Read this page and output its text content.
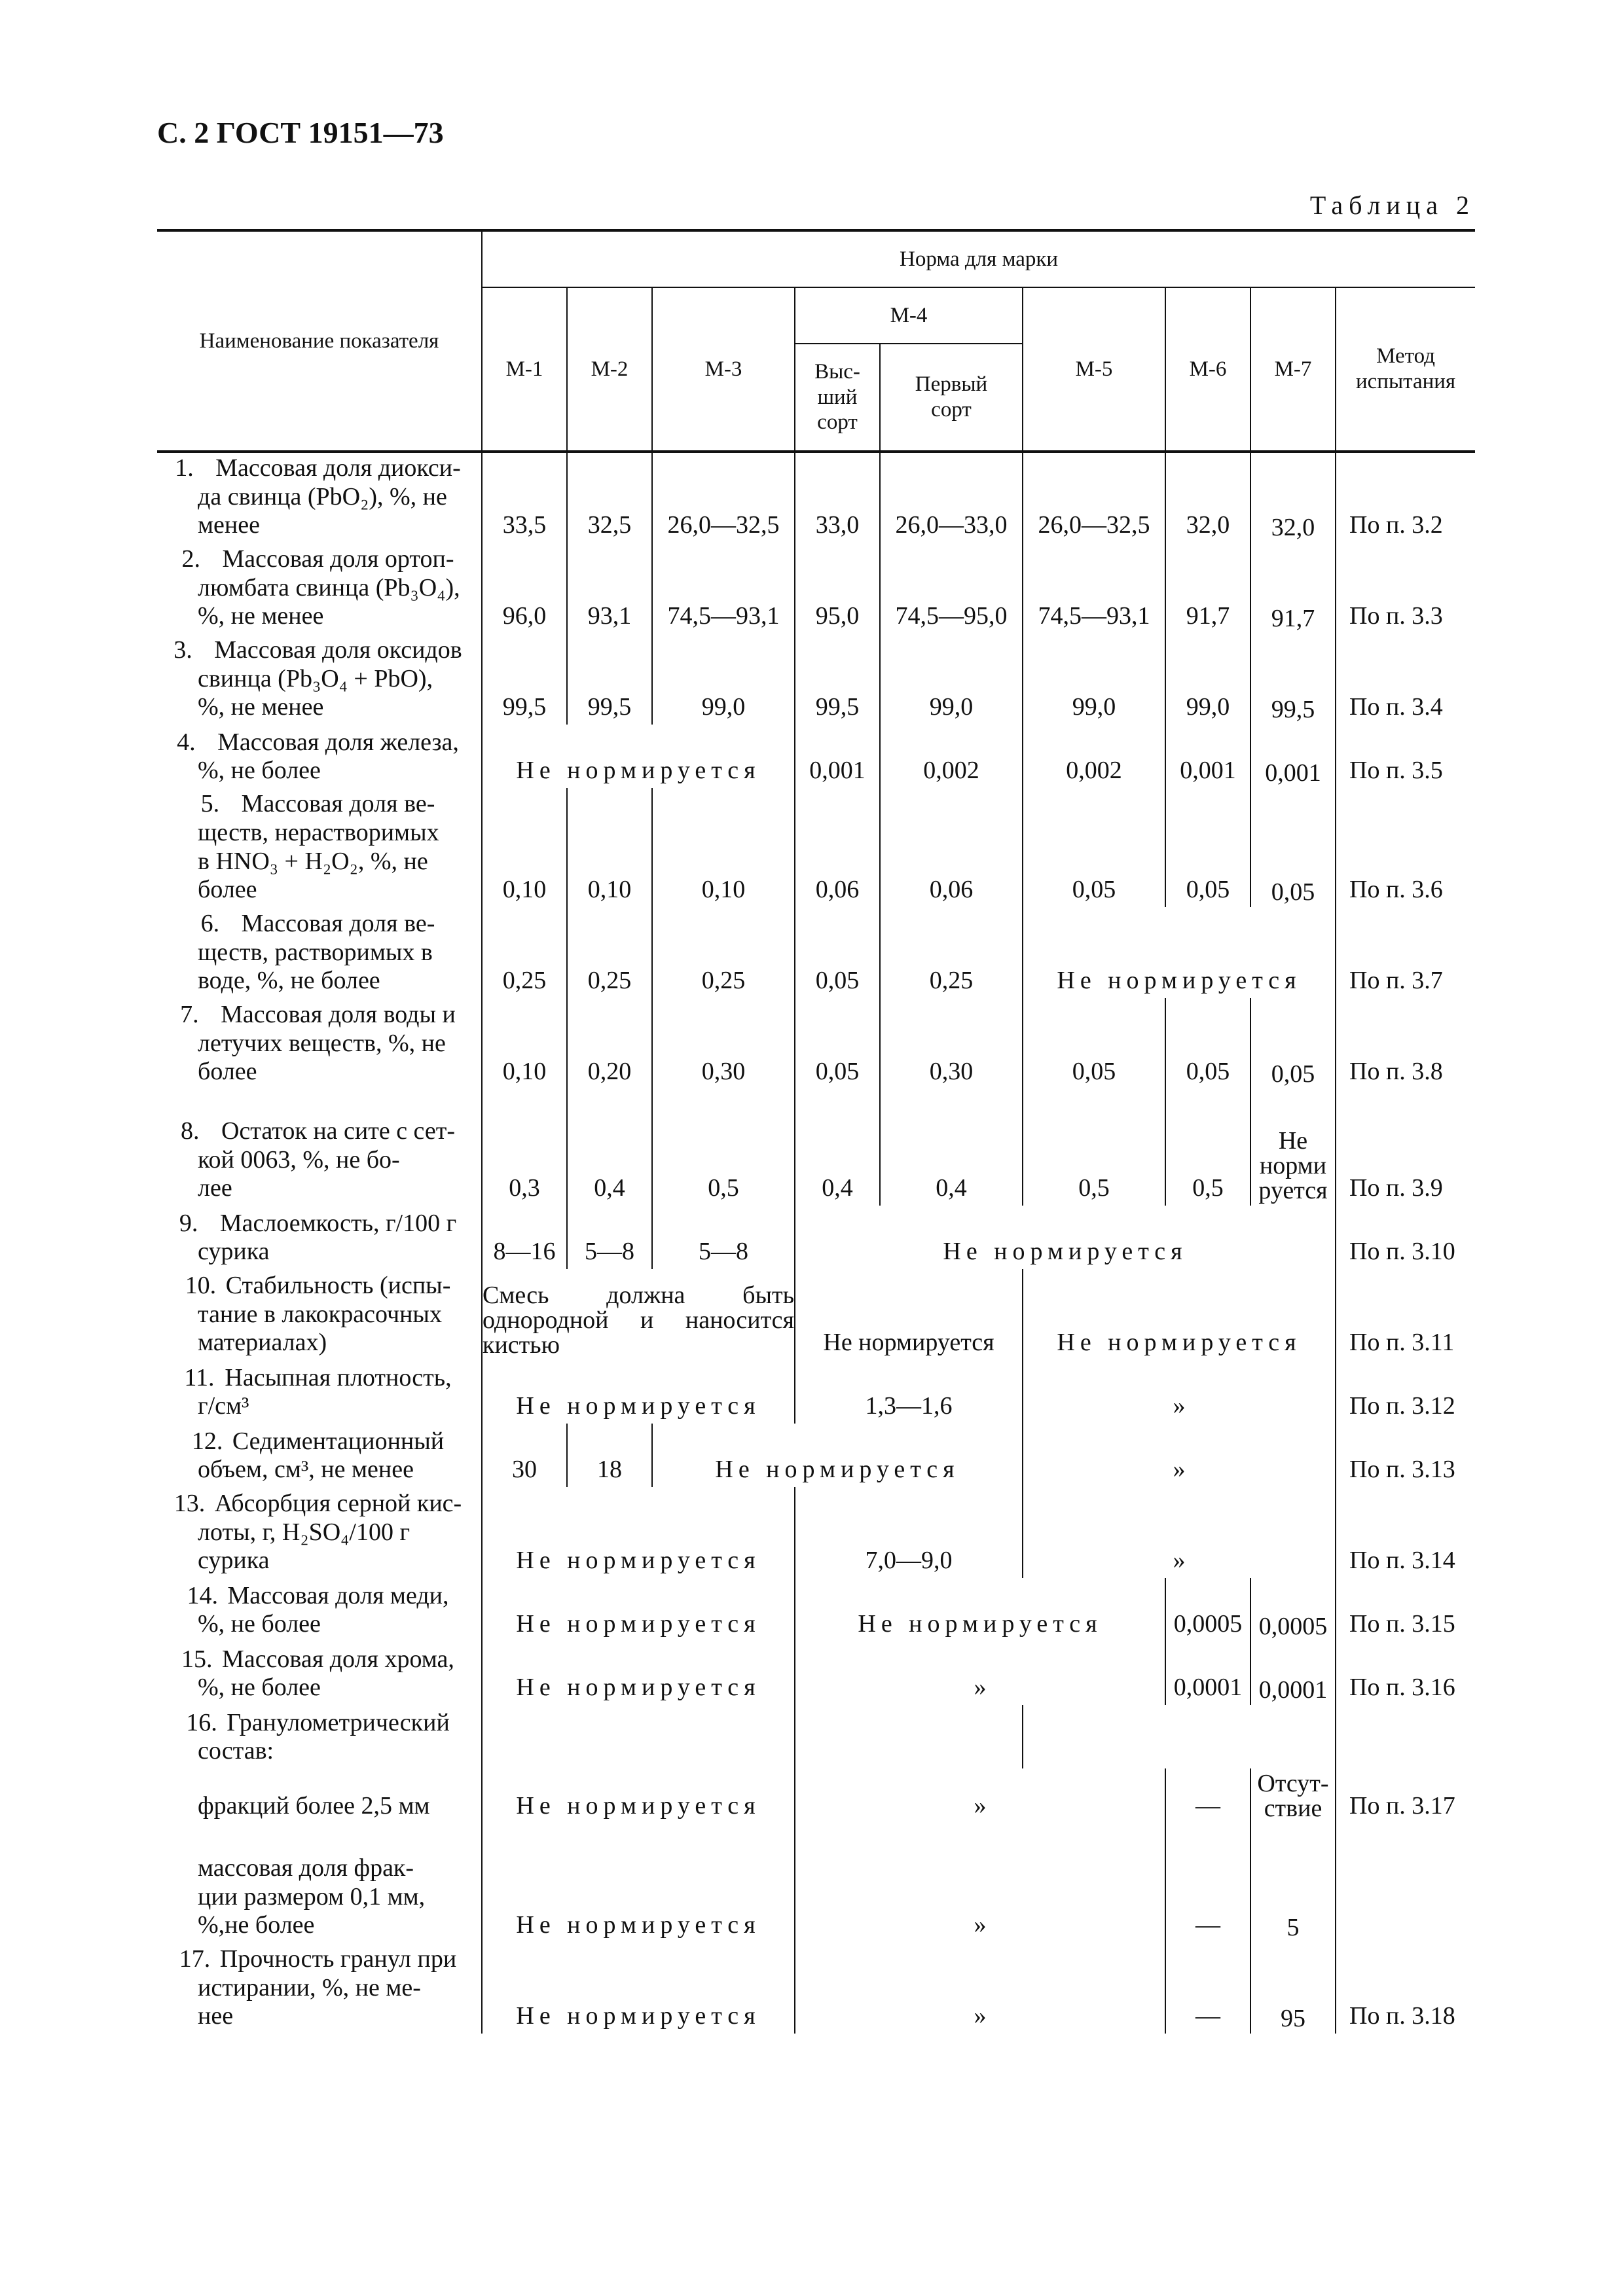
С. 2 ГОСТ 19151—73
Таблица 2
Наименование показателя	Норма для марки								
	М-1	М-2	М-3	М-4		М-5	М-6	М-7	Метод испытания
				Выс- ший сорт	Первый сорт				

1. Массовая доля диокси-
да свинца (PbO₂), %, не
менее	33,5	32,5	26,0—32,5	33,0	26,0—33,0	26,0—32,5	32,0	32,0	По п. 3.2

2. Массовая доля ортоп-
люмбата свинца (Pb₃O₄),
%, не менее	96,0	93,1	74,5—93,1	95,0	74,5—95,0	74,5—93,1	91,7	91,7	По п. 3.3

3. Массовая доля оксидов
свинца (Pb₃O₄ + PbO),
%, не менее	99,5	99,5	99,0	99,5	99,0	99,0	99,0	99,5	По п. 3.4

4. Массовая доля железа,
%, не более	Не нормируется			0,001	0,002	0,002	0,001	0,001	По п. 3.5

5. Массовая доля ве-
ществ, нерастворимых
в HNO₃ + H₂O₂, %, не
более	0,10	0,10	0,10	0,06	0,06	0,05	0,05	0,05	По п. 3.6

6. Массовая доля ве-
ществ, растворимых в
воде, %, не более	0,25	0,25	0,25	0,05	0,25	Не нормируется			По п. 3.7

7. Массовая доля воды и
летучих веществ, %, не
более	0,10	0,20	0,30	0,05	0,30	0,05	0,05	0,05	По п. 3.8

8. Остаток на сите с сет-
кой 0063, %, не бо-
лее	0,3	0,4	0,5	0,4	0,4	0,5	0,5	Не норми руется	По п. 3.9

9. Маслоемкость, г/100 г
сурика	8—16	5—8	5—8	Не нормируется					По п. 3.10

10. Стабильность (испы-
тание в лакокрасочных
материалах)	Смесь должна быть однородной и наносится кистью			Не нормируется		Не нормируется			По п. 3.11

11. Насыпная плотность,
г/см³	Не нормируется			1,3—1,6		»			По п. 3.12

12. Седиментационный
объем, см³, не менее	30	18	Не нормируется			»			По п. 3.13

13. Абсорбция серной кис-
лоты, г, H₂SO₄/100 г
сурика	Не нормируется			7,0—9,0		»			По п. 3.14

14. Массовая доля меди,
%, не более	Не нормируется			Не нормируется			0,0005	0,0005	По п. 3.15

15. Массовая доля хрома,
%, не более	Не нормируется			»			0,0001	0,0001	По п. 3.16

16. Гранулометрический
состав:									

фракций более 2,5 мм	Не нормируется			»			—	Отсут- ствие	По п. 3.17

массовая доля фрак-
ции размером 0,1 мм,
%,не более	Не нормируется			»			—	5	

17. Прочность гранул при
истирании, %, не ме-
нее	Не нормируется			»			—	95	По п. 3.18
